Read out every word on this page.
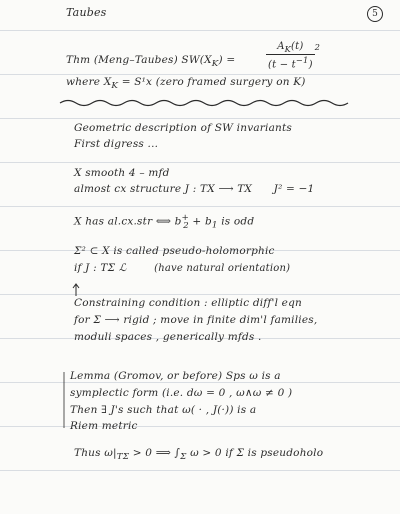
Taubes	5
Thm (Meng–Taubes) $SW(X_K)$ =	$\frac{A_K(t)}{(t - t^{-1})} ^2$
where $X_K = S^1x$ (zero framed surgery on K)
Geometric description of SW invariants
First digress ...
X smooth 4 – mfd
almost cx structure J : TX ⟶ TX J² = −1
X has al.cx.str ⟺ $b^+_2 + b_1$ is odd
Σ² ⊂ X is called pseudo-holomorphic
if J : TΣ ℒ	(have natural orientation)
Constraining condition : elliptic diff'l eqn
for Σ ⟶ rigid ; move in finite dim'l families,
moduli spaces , generically mfds .
Lemma (Gromov, or before) Sps ω is a
symplectic form (i.e. dω = 0 , ω∧ω ≠ 0 )
Then ∃ J's such that ω( · , J(·)) is a
Riem metric
Thus $\omega|_{T\Sigma} > 0$ ⟹ $\int_\Sigma$ ω > 0 if Σ is pseudoholo
